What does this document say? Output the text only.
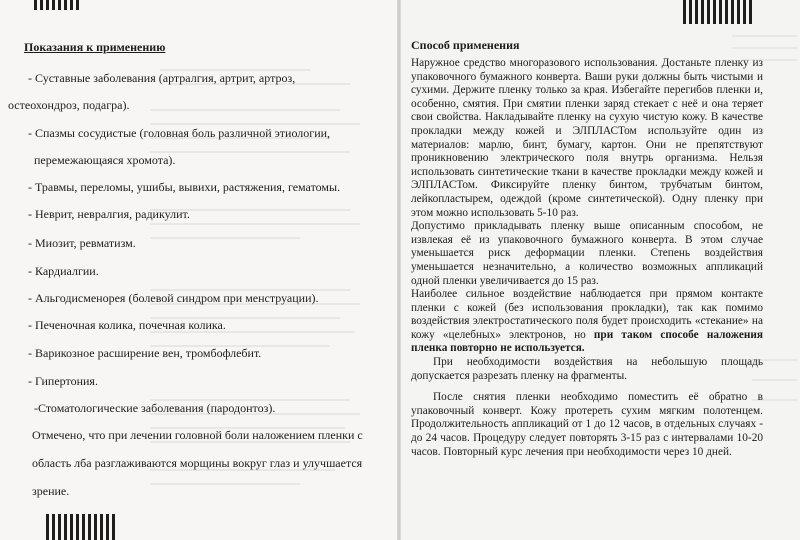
Показания к применению
- Суставные заболевания (артралгия, артрит, артроз,
остеохондроз, подагра).
- Спазмы сосудистые (головная боль различной этиологии,
перемежающаяся хромота).
- Травмы, переломы, ушибы, вывихи, растяжения, гематомы.
- Неврит, невралгия, радикулит.
- Миозит, ревматизм.
- Кардиалгии.
- Альгодисменорея (болевой синдром при менструации).
- Печеночная колика, почечная колика.
- Варикозное расширение вен, тромбофлебит.
- Гипертония.
-Стоматологические заболевания (пародонтоз).
Отмечено, что при лечении головной боли наложением пленки с
область лба разглаживаются морщины вокруг глаз и улучшается
зрение.
Способ применения

Наружное средство многоразового использования. Достаньте пленку из упаковочного бумажного конверта. Ваши руки должны быть чистыми и сухими. Держите пленку только за края. Избегайте перегибов пленки и, особенно, смятия. При смятии пленки заряд стекает с неё и она теряет свои свойства. Накладывайте пленку на сухую чистую кожу. В качестве прокладки между кожей и ЭЛПЛАСТом используйте один из материалов: марлю, бинт, бумагу, картон. Они не препятствуют проникновению электрического поля внутрь организма. Нельзя использовать синтетические ткани в качестве прокладки между кожей и ЭЛПЛАСТом. Фиксируйте пленку бинтом, трубчатым бинтом, лейкопластырем, одеждой (кроме синтетической). Одну пленку при этом можно использовать 5-10 раз.

Допустимо прикладывать пленку выше описанным способом, не извлекая её из упаковочного бумажного конверта. В этом случае уменьшается риск деформации пленки. Степень воздействия уменьшается незначительно, а количество возможных аппликаций одной пленки увеличивается до 15 раз.

Наиболее сильное воздействие наблюдается при прямом контакте пленки с кожей (без использования прокладки), так как помимо воздействия электростатического поля будет происходить «стекание» на кожу «целебных» электронов, но при таком способе наложения пленка повторно не используется.

При необходимости воздействия на небольшую площадь допускается разрезать пленку на фрагменты.

После снятия пленки необходимо поместить её обратно в упаковочный конверт. Кожу протереть сухим мягким полотенцем. Продолжительность аппликаций от 1 до 12 часов, в отдельных случаях - до 24 часов. Процедуру следует повторять 3-15 раз с интервалами 10-20 часов. Повторный курс лечения при необходимости через 10 дней.
